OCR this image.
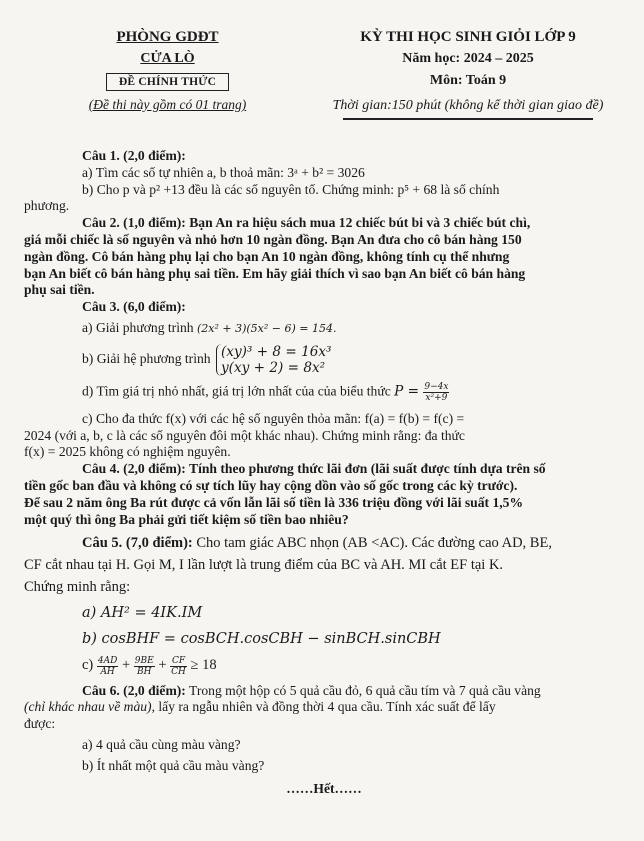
PHÒNG GDĐT
CỬA LÒ
ĐỀ CHÍNH THỨC
(Đề thi này gồm có 01 trang)
KỲ THI HỌC SINH GIỎI LỚP 9
Năm học: 2024 – 2025
Môn: Toán 9
Thời gian:150 phút (không kể thời gian giao đề)
Câu 1. (2,0 điểm):
a) Tìm các số tự nhiên a, b thoả mãn: 3ᵃ + b² = 3026
b) Cho p và p² +13 đều là các số nguyên tố. Chứng minh: p⁵ + 68 là số chính
phương.
Câu 2. (1,0 điểm): Bạn An ra hiệu sách mua 12 chiếc bút bi và 3 chiếc bút chì,
giá mỗi chiếc là số nguyên và nhỏ hơn 10 ngàn đồng. Bạn An đưa cho cô bán hàng 150
ngàn đồng. Cô bán hàng phụ lại cho bạn An 10 ngàn đồng, không tính cụ thể nhưng
bạn An biết cô bán hàng phụ sai tiền. Em hãy giải thích vì sao bạn An biết cô bán hàng
phụ sai tiền.
Câu 3. (6,0 điểm):
a) Giải phương trình (2x² + 3)(5x² − 6) = 154.
b) Giải hệ phương trình (xy)³ + 8 = 16x³
y(xy + 2) = 8x²
d) Tìm giá trị nhỏ nhất, giá trị lớn nhất của của biểu thức $P = \frac{9-4x}{\text{x²+9}}$
c) Cho đa thức f(x) với các hệ số nguyên thỏa mãn: f(a) = f(b) = f(c) =
2024 (với a, b, c là các số nguyên đôi một khác nhau). Chứng minh rằng: đa thức
f(x) = 2025 không có nghiệm nguyên.
Câu 4. (2,0 điểm): Tính theo phương thức lãi đơn (lãi suất được tính dựa trên số
tiền gốc ban đầu và không có sự tích lũy hay cộng dồn vào số gốc trong các kỳ trước).
Để sau 2 năm ông Ba rút được cả vốn lẫn lãi số tiền là 336 triệu đồng với lãi suất 1,5%
một quý thì ông Ba phải gửi tiết kiệm số tiền bao nhiêu?
Câu 5. (7,0 điểm): Cho tam giác ABC nhọn (AB <AC). Các đường cao AD, BE,
CF cắt nhau tại H. Gọi M, I lần lượt là trung điểm của BC và AH. MI cắt EF tại K.
Chứng minh rằng:
a) AH² = 4IK.IM
b) cosBHF = cosBCH.cosCBH − sinBCH.sinCBH
$c) \frac{4AD}{AH} + \frac{9BE}{BH} + \frac{CF}{CH} \ge 18$
Câu 6. (2,0 điểm): Trong một hộp có 5 quả cầu đỏ, 6 quả cầu tím và 7 quả cầu vàng
(chỉ khác nhau về màu), lấy ra ngẫu nhiên và đồng thời 4 qua cầu. Tính xác suất để lấy
được:
a) 4 quả cầu cùng màu vàng?
b) Ít nhất một quả cầu màu vàng?
……Hết……
